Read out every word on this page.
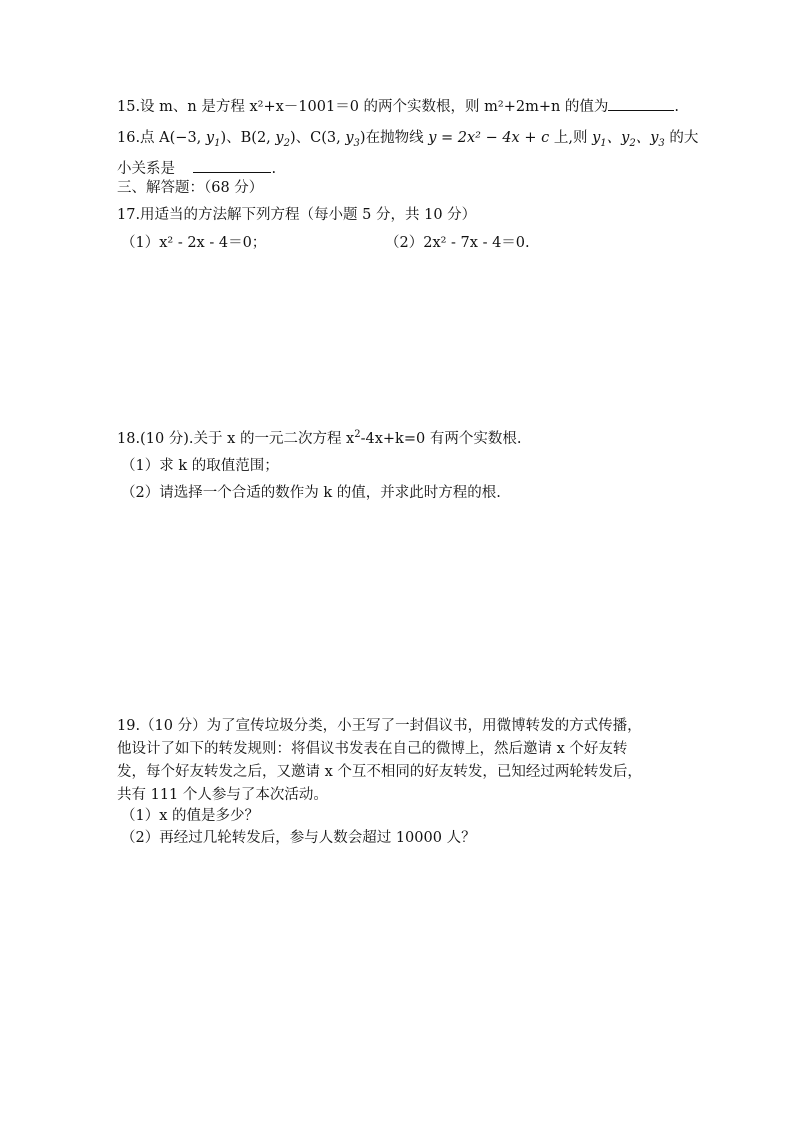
15.设 m、n 是方程 x²+x－1001＝0 的两个实数根，则 m²+2m+n 的值为	.
16.点 A(−3, $y_1$)、B(2, $y_2$)、C(3, $y_3$)在抛物线 y = 2x² − 4x + c 上,则 $y_1$、$y_2$、$y_3$ 的大
小关系是	.
三、解答题：（68 分）
17.用适当的方法解下列方程（每小题 5 分，共 10 分）
（1）x² - 2x - 4＝0；	（2）2x² - 7x - 4＝0.
18.(10 分).关于 x 的一元二次方程 $x^2-4x+k=0$ 有两个实数根.
（1）求 k 的取值范围；
（2）请选择一个合适的数作为 k 的值，并求此时方程的根.
19.（10 分）为了宣传垃圾分类，小王写了一封倡议书，用微博转发的方式传播，
他设计了如下的转发规则：将倡议书发表在自己的微博上，然后邀请 x 个好友转
发，每个好友转发之后，又邀请 x 个互不相同的好友转发，已知经过两轮转发后，
共有 111 个人参与了本次活动。
（1）x 的值是多少？
（2）再经过几轮转发后，参与人数会超过 10000 人？
